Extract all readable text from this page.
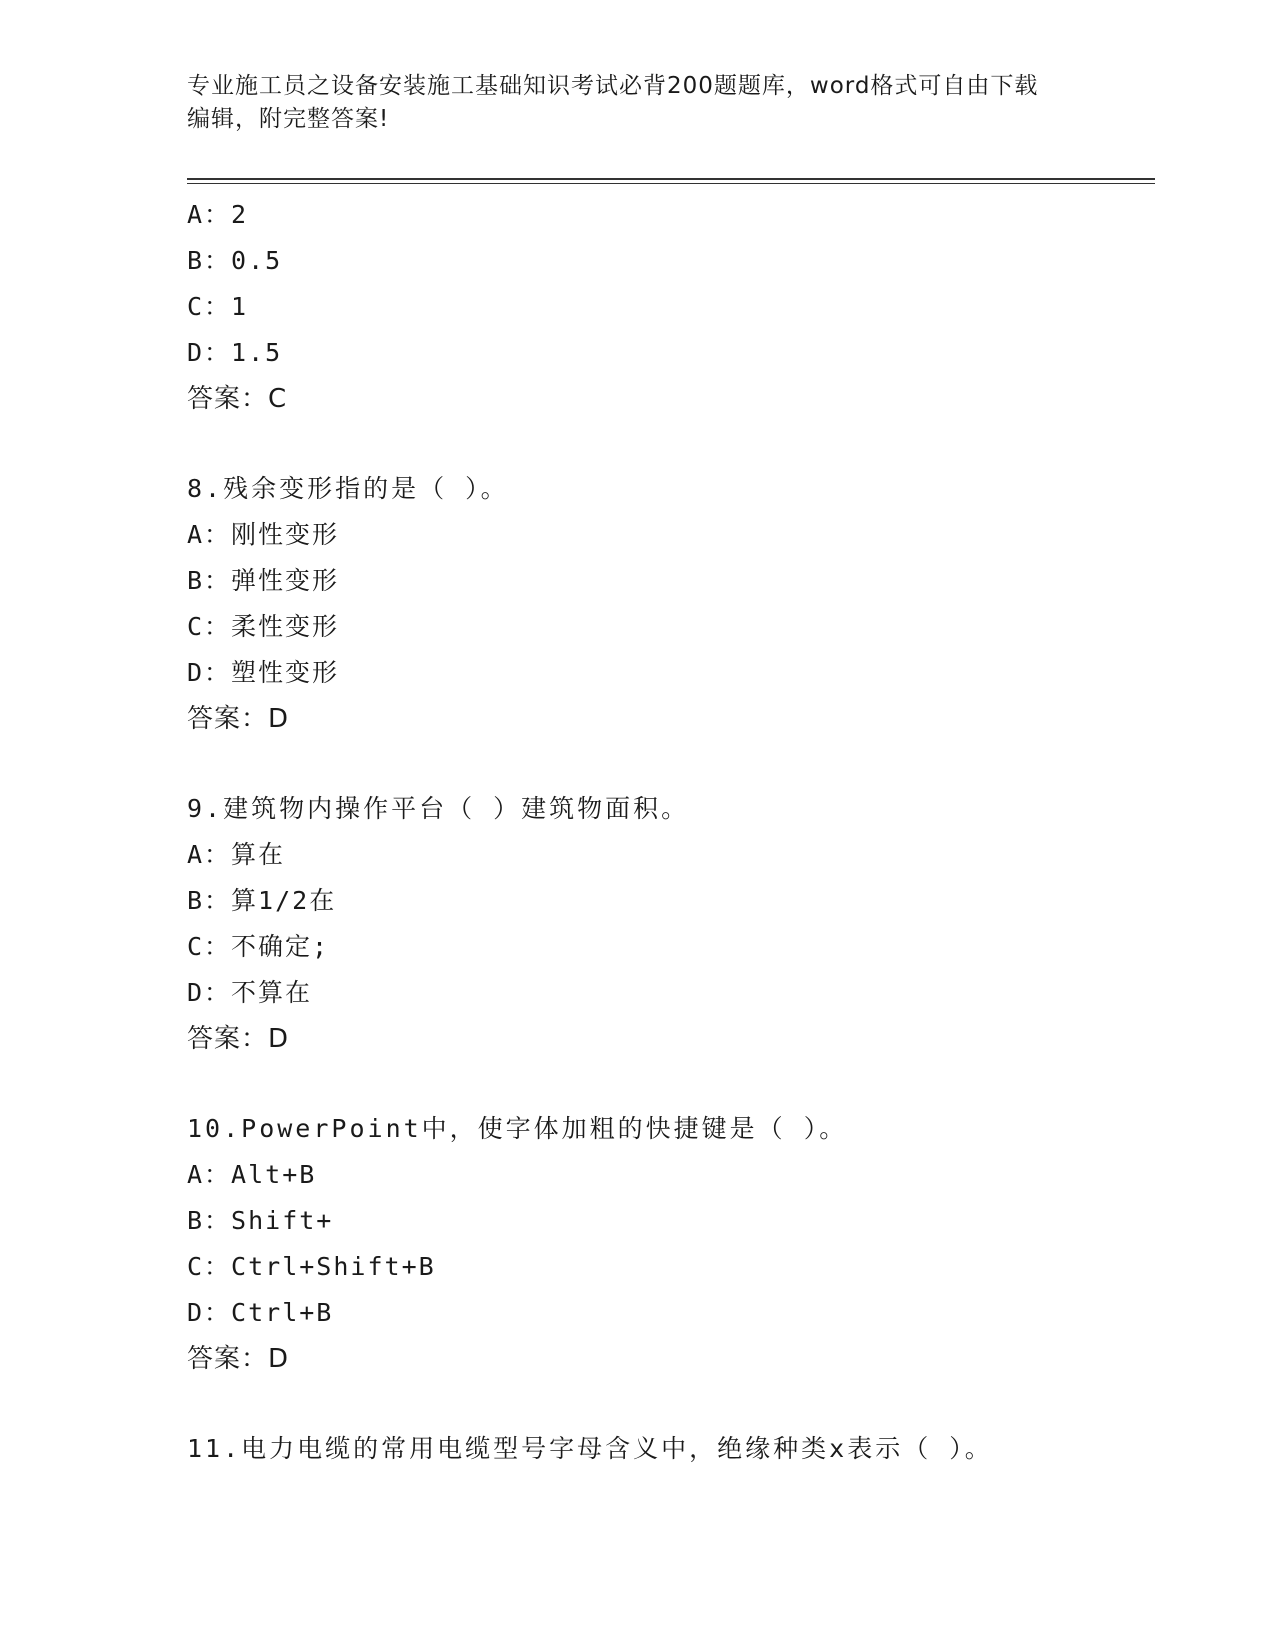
专业施工员之设备安装施工基础知识考试必背200题题库，word格式可自由下载
编辑，附完整答案!
A：2
B：0.5
C：1
D：1.5
答案：C
8.残余变形指的是（ ）。
A：刚性变形
B：弹性变形
C：柔性变形
D：塑性变形
答案：D
9.建筑物内操作平台（ ）建筑物面积。
A：算在
B：算1/2在
C：不确定;
D：不算在
答案：D
10.PowerPoint中，使字体加粗的快捷键是（ ）。
A：Alt+B
B：Shift+
C：Ctrl+Shift+B
D：Ctrl+B
答案：D
11.电力电缆的常用电缆型号字母含义中，绝缘种类x表示（ ）。
